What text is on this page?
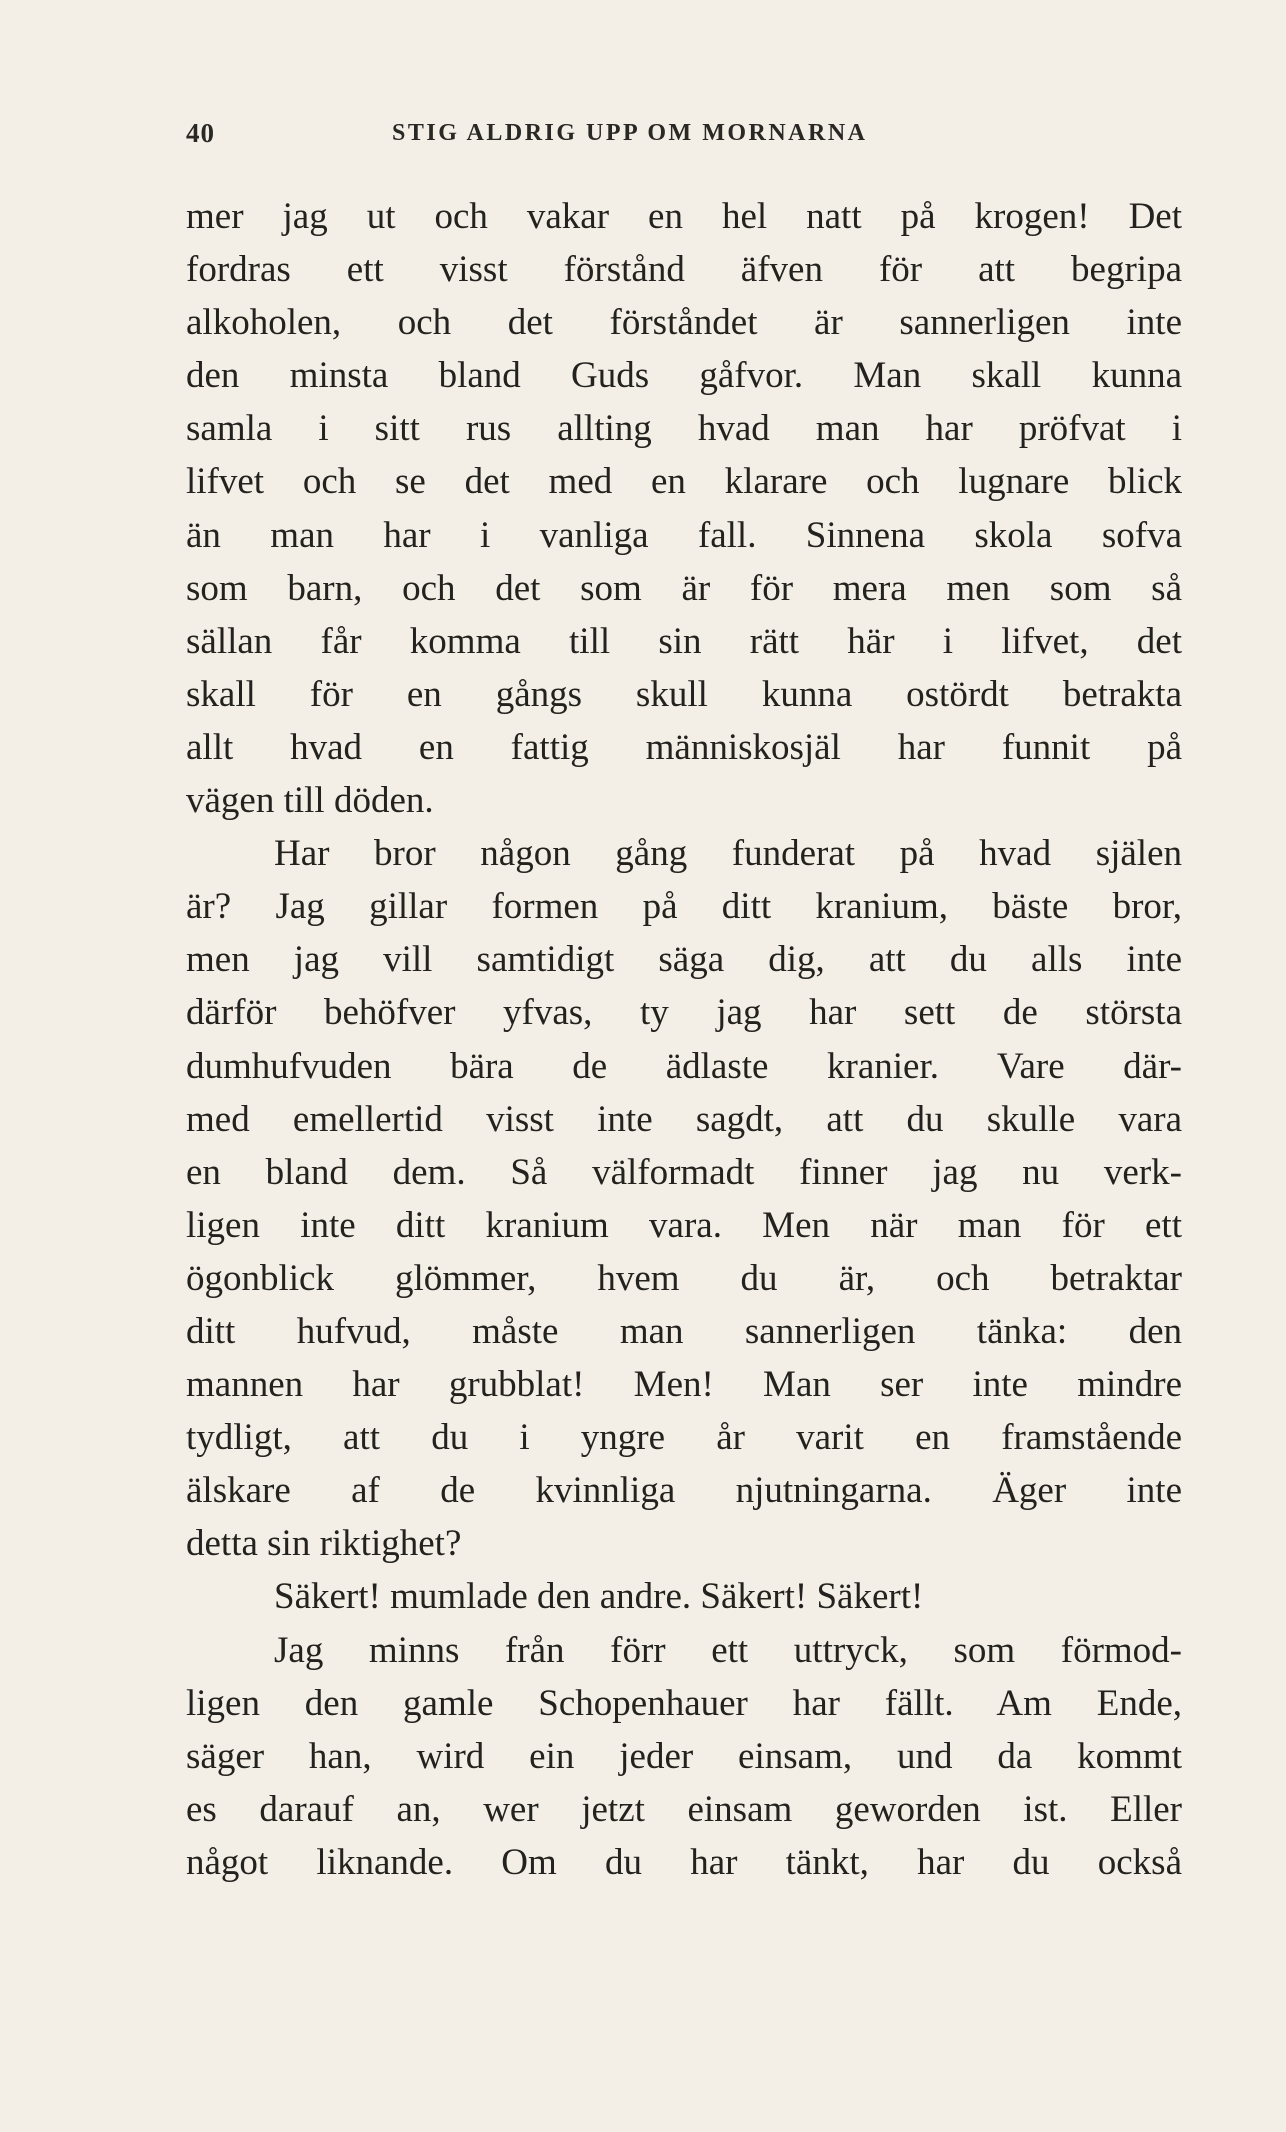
40	STIG ALDRIG UPP OM MORNARNA
mer jag ut och vakar en hel natt på krogen! Det
fordras ett visst förstånd äfven för att begripa
alkoholen, och det förståndet är sannerligen inte
den minsta bland Guds gåfvor. Man skall kunna
samla i sitt rus allting hvad man har pröfvat i
lifvet och se det med en klarare och lugnare blick
än man har i vanliga fall. Sinnena skola sofva
som barn, och det som är för mera men som så
sällan får komma till sin rätt här i lifvet, det
skall för en gångs skull kunna ostördt betrakta
allt hvad en fattig människosjäl har funnit på
vägen till döden.
Har bror någon gång funderat på hvad själen
är? Jag gillar formen på ditt kranium, bäste bror,
men jag vill samtidigt säga dig, att du alls inte
därför behöfver yfvas, ty jag har sett de största
dumhufvuden bära de ädlaste kranier. Vare där-
med emellertid visst inte sagdt, att du skulle vara
en bland dem. Så välformadt finner jag nu verk-
ligen inte ditt kranium vara. Men när man för ett
ögonblick glömmer, hvem du är, och betraktar
ditt hufvud, måste man sannerligen tänka: den
mannen har grubblat! Men! Man ser inte mindre
tydligt, att du i yngre år varit en framstående
älskare af de kvinnliga njutningarna. Äger inte
detta sin riktighet?
Säkert! mumlade den andre. Säkert! Säkert!
Jag minns från förr ett uttryck, som förmod-
ligen den gamle Schopenhauer har fällt. Am Ende,
säger han, wird ein jeder einsam, und da kommt
es darauf an, wer jetzt einsam geworden ist. Eller
något liknande. Om du har tänkt, har du också
